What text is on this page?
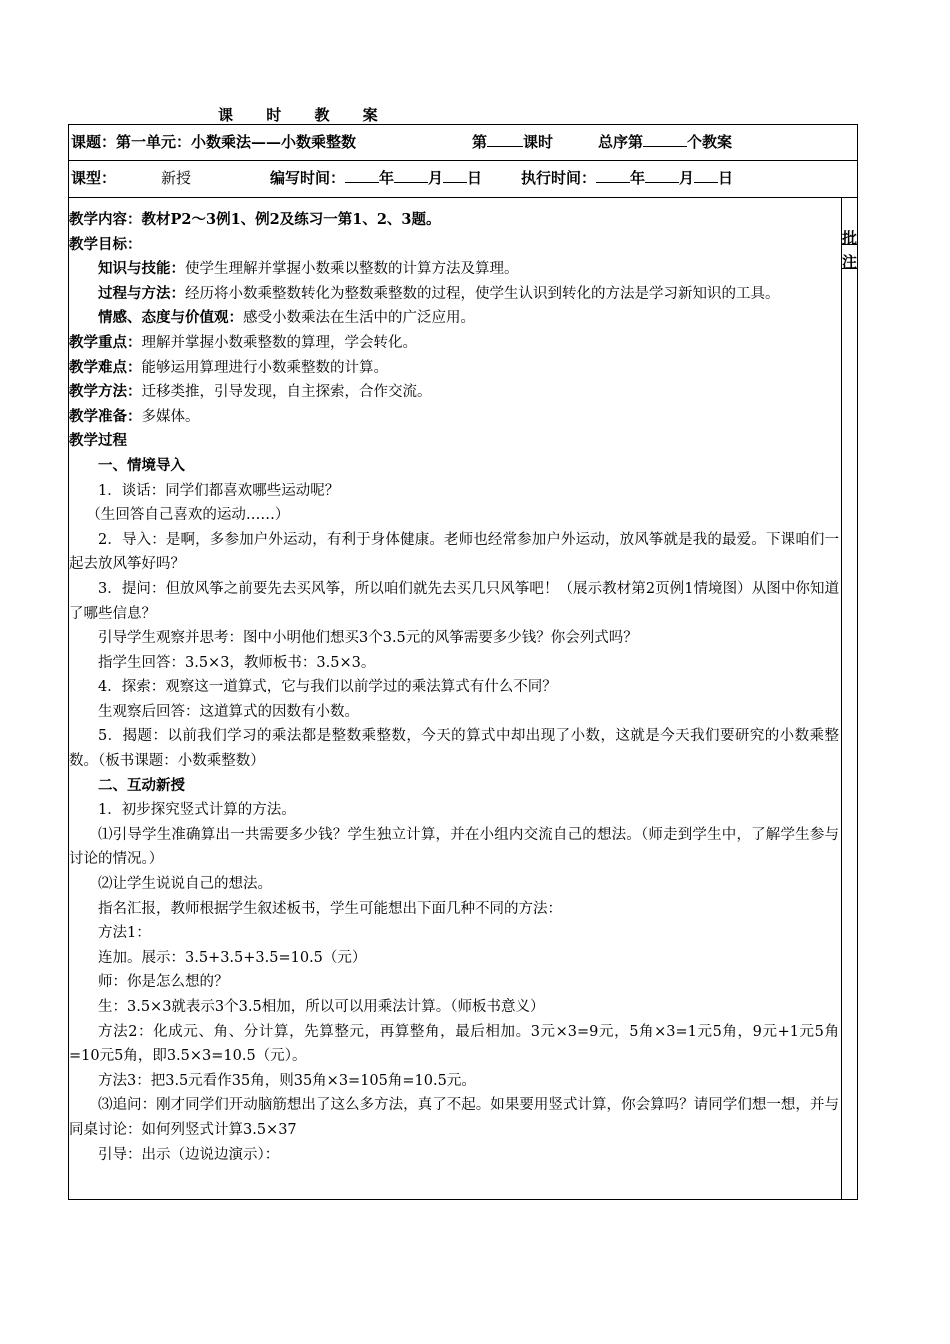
课 时 教 案
课题： 第一单元：小数乘法——小数乘整数	第 课时	总序第	个教案
课型：	新授	编写时间： 年 月 日	执行时间： 年 月 日

教学内容：教材P2～3例1、例2及练习一第1、2、3题。

教学目标：

知识与技能：使学生理解并掌握小数乘以整数的计算方法及算理。

过程与方法：经历将小数乘整数转化为整数乘整数的过程，使学生认识到转化的方法是学习新知识的工具。

情感、态度与价值观：感受小数乘法在生活中的广泛应用。

教学重点：理解并掌握小数乘整数的算理，学会转化。

教学难点：能够运用算理进行小数乘整数的计算。

教学方法：迁移类推，引导发现，自主探索，合作交流。

教学准备：多媒体。

教学过程

一、情境导入

1．谈话：同学们都喜欢哪些运动呢？

（生回答自己喜欢的运动……）

2．导入：是啊，多参加户外运动，有利于身体健康。老师也经常参加户外运动，放风筝就是我的最爱。下课咱们一起去放风筝好吗？

3．提问：但放风筝之前要先去买风筝，所以咱们就先去买几只风筝吧！（展示教材第2页例1情境图）从图中你知道了哪些信息？

引导学生观察并思考：图中小明他们想买3个3.5元的风筝需要多少钱？你会列式吗？

指学生回答：3.5×3，教师板书：3.5×3。

4．探索：观察这一道算式，它与我们以前学过的乘法算式有什么不同？

生观察后回答：这道算式的因数有小数。

5．揭题：以前我们学习的乘法都是整数乘整数，今天的算式中却出现了小数，这就是今天我们要研究的小数乘整数。（板书课题：小数乘整数）

二、互动新授

1．初步探究竖式计算的方法。

⑴引导学生准确算出一共需要多少钱？学生独立计算，并在小组内交流自己的想法。（师走到学生中，了解学生参与讨论的情况。）

⑵让学生说说自己的想法。

指名汇报，教师根据学生叙述板书，学生可能想出下面几种不同的方法：

方法1：

连加。展示：3.5+3.5+3.5=10.5（元）

师：你是怎么想的？

生：3.5×3就表示3个3.5相加，所以可以用乘法计算。（师板书意义）

方法2：化成元、角、分计算，先算整元，再算整角，最后相加。3元×3=9元，5角×3=1元5角，9元+1元5角=10元5角，即3.5×3=10.5（元）。

方法3：把3.5元看作35角，则35角×3=105角=10.5元。

⑶追问：刚才同学们开动脑筋想出了这么多方法，真了不起。如果要用竖式计算，你会算吗？请同学们想一想，并与同桌讨论：如何列竖式计算3.5×37

引导：出示（边说边演示）：

批
注
